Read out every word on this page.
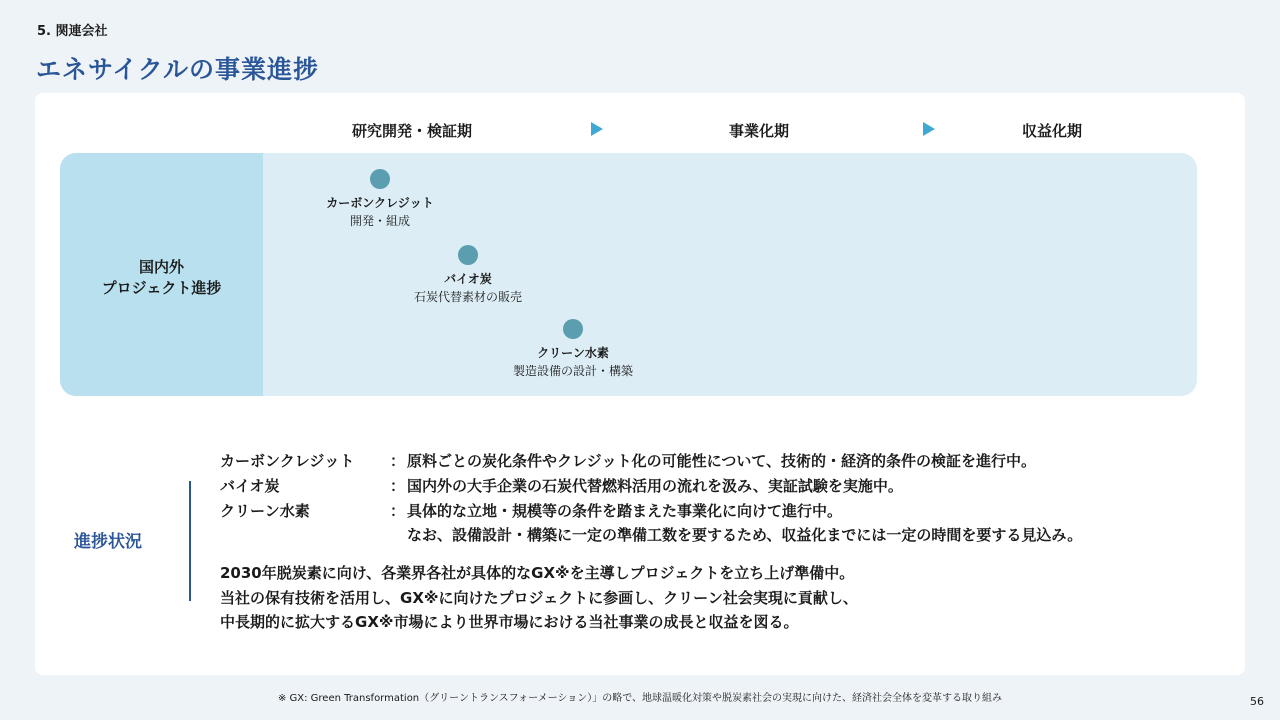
5. 関連会社
エネサイクルの事業進捗
研究開発・検証期	事業化期	収益化期
国内外
プロジェクト進捗
カーボンクレジット
開発・組成
バイオ炭
石炭代替素材の販売
クリーン水素
製造設備の設計・構築
進捗状況
カーボンクレジット	： 原料ごとの炭化条件やクレジット化の可能性について、技術的・経済的条件の検証を進行中。
バイオ炭	： 国内外の大手企業の石炭代替燃料活用の流れを汲み、実証試験を実施中。
クリーン水素	： 具体的な立地・規模等の条件を踏まえた事業化に向けて進行中。
なお、設備設計・構築に一定の準備工数を要するため、収益化までには一定の時間を要する見込み。
2030年脱炭素に向け、各業界各社が具体的なGX※を主導しプロジェクトを立ち上げ準備中。
当社の保有技術を活用し、GX※に向けたプロジェクトに参画し、クリーン社会実現に貢献し、
中長期的に拡大するGX※市場により世界市場における当社事業の成長と収益を図る。
※ GX: Green Transformation（グリーントランスフォーメーション）」の略で、地球温暖化対策や脱炭素社会の実現に向けた、経済社会全体を変革する取り組み	56
